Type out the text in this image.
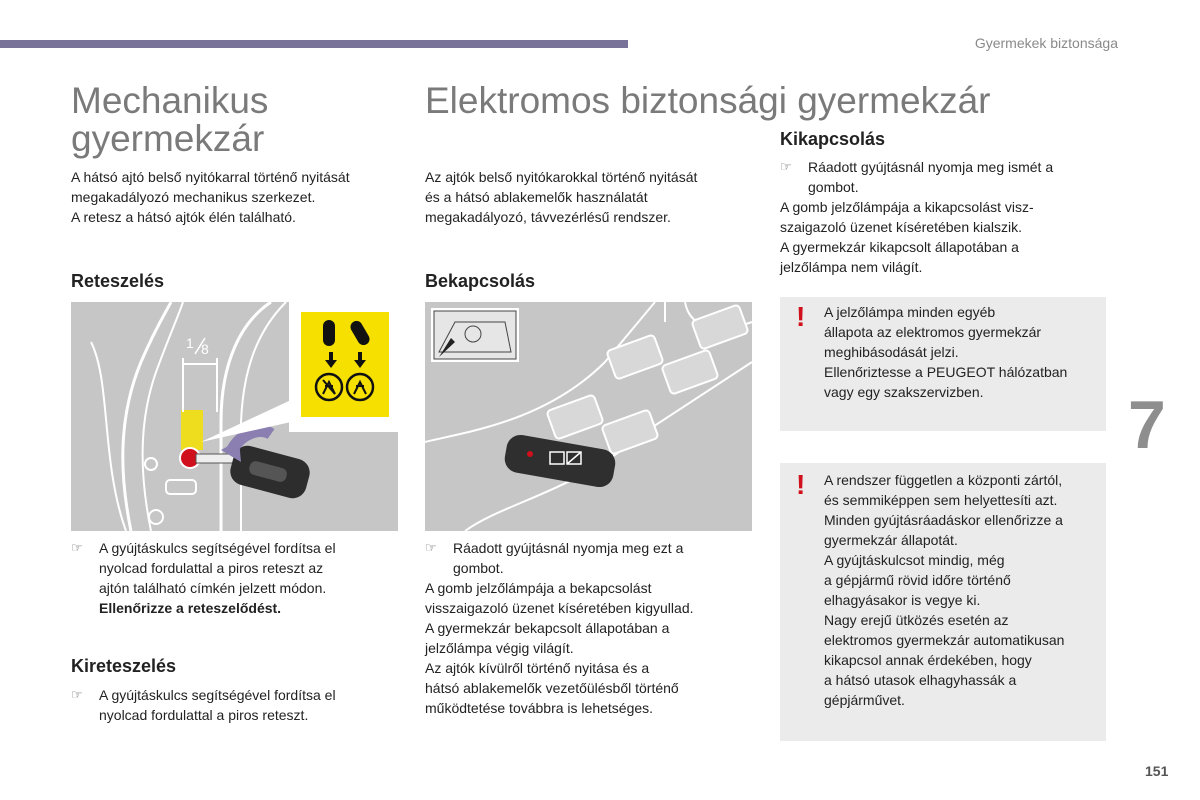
Gyermekek biztonsága
Mechanikus
gyermekzár

A hátsó ajtó belső nyitókarral történő nyitását

megakadályozó mechanikus szerkezet.

A retesz a hátsó ajtók élén található.

Reteszelés
1 8
☞ A gyújtáskulcs segítségével fordítsa el

nyolcad fordulattal a piros reteszt az

ajtón található címkén jelzett módon.

Ellenőrizze a reteszelődést.

Kireteszelés
☞ A gyújtáskulcs segítségével fordítsa el

nyolcad fordulattal a piros reteszt.

Elektromos biztonsági gyermekzár

Az ajtók belső nyitókarokkal történő nyitását

és a hátsó ablakemelők használatát

megakadályozó, távvezérlésű rendszer.

Bekapcsolás
☞ Ráadott gyújtásnál nyomja meg ezt a

gombot.

A gomb jelzőlámpája a bekapcsolást

visszaigazoló üzenet kíséretében kigyullad.

A gyermekzár bekapcsolt állapotában a

jelzőlámpa végig világít.

Az ajtók kívülről történő nyitása és a

hátsó ablakemelők vezetőülésből történő

működtetése továbbra is lehetséges.

Kikapcsolás
☞ Ráadott gyújtásnál nyomja meg ismét a

gombot.

A gomb jelzőlámpája a kikapcsolást visz-

szaigazoló üzenet kíséretében kialszik.

A gyermekzár kikapcsolt állapotában a

jelzőlámpa nem világít.

! A jelzőlámpa minden egyéb

állapota az elektromos gyermekzár

meghibásodását jelzi.

Ellenőriztesse a PEUGEOT hálózatban

vagy egy szakszervizben.

! A rendszer független a központi zártól,

és semmiképpen sem helyettesíti azt.

Minden gyújtásráadáskor ellenőrizze a

gyermekzár állapotát.

A gyújtáskulcsot mindig, még

a gépjármű rövid időre történő

elhagyásakor is vegye ki.

Nagy erejű ütközés esetén az

elektromos gyermekzár automatikusan

kikapcsol annak érdekében, hogy

a hátsó utasok elhagyhassák a

gépjárművet.

7
151
